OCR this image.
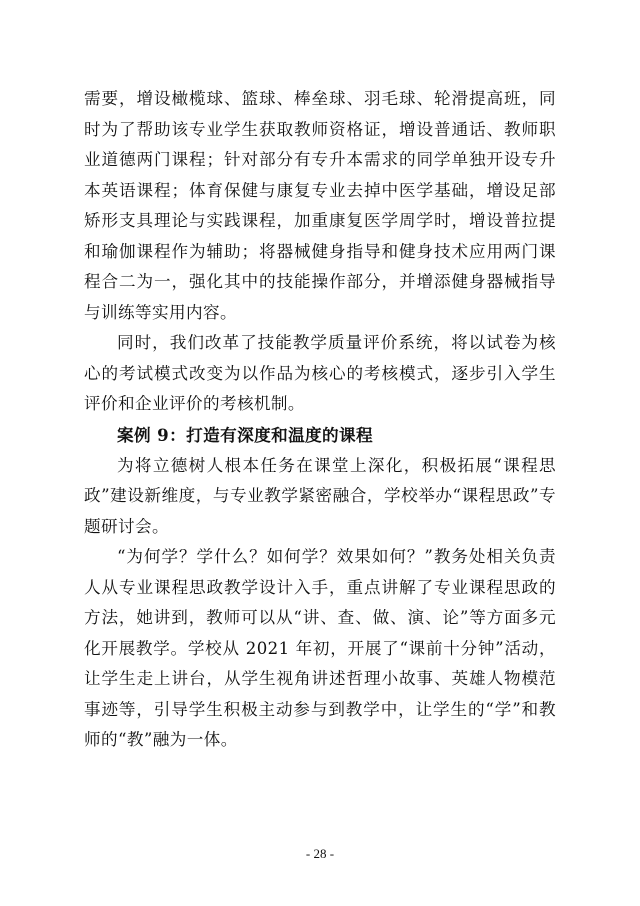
需要，增设橄榄球、篮球、棒垒球、羽毛球、轮滑提高班，同时为了帮助该专业学生获取教师资格证，增设普通话、教师职业道德两门课程；针对部分有专升本需求的同学单独开设专升本英语课程；体育保健与康复专业去掉中医学基础，增设足部矫形支具理论与实践课程，加重康复医学周学时，增设普拉提和瑜伽课程作为辅助；将器械健身指导和健身技术应用两门课程合二为一，强化其中的技能操作部分，并增添健身器械指导与训练等实用内容。

同时，我们改革了技能教学质量评价系统，将以试卷为核心的考试模式改变为以作品为核心的考核模式，逐步引入学生评价和企业评价的考核机制。

案例 9：打造有深度和温度的课程

为将立德树人根本任务在课堂上深化，积极拓展“课程思政”建设新维度，与专业教学紧密融合，学校举办“课程思政”专题研讨会。

“为何学？学什么？如何学？效果如何？”教务处相关负责人从专业课程思政教学设计入手，重点讲解了专业课程思政的方法，她讲到，教师可以从“讲、查、做、演、论”等方面多元化开展教学。学校从 2021 年初，开展了“课前十分钟”活动，让学生走上讲台，从学生视角讲述哲理小故事、英雄人物模范事迹等，引导学生积极主动参与到教学中，让学生的“学”和教师的“教”融为一体。

- 28 -
